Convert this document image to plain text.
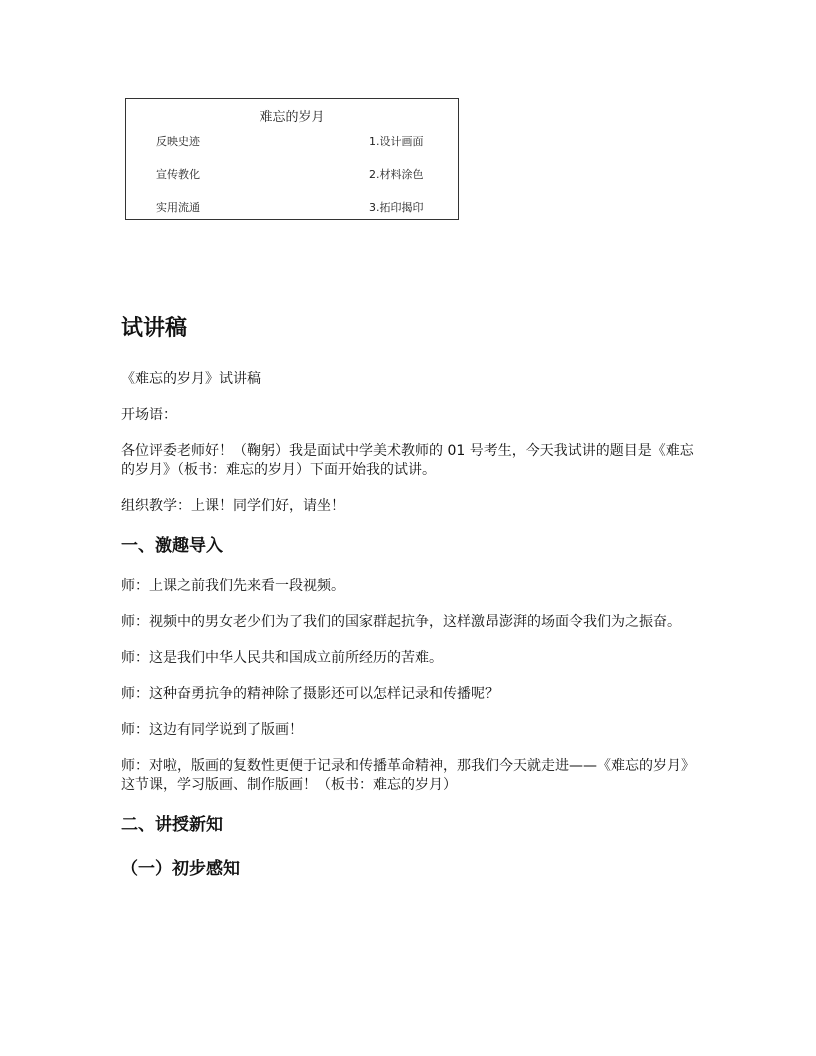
难忘的岁月
反映史迹	1.设计画面
宣传教化	2.材料涂色
实用流通	3.拓印揭印
试讲稿

《难忘的岁月》试讲稿

开场语：

各位评委老师好！（鞠躬）我是面试中学美术教师的 01 号考生，今天我试讲的题目是《难忘的岁月》（板书：难忘的岁月）下面开始我的试讲。

组织教学：上课！同学们好，请坐！

一、激趣导入

师：上课之前我们先来看一段视频。

师：视频中的男女老少们为了我们的国家群起抗争，这样激昂澎湃的场面令我们为之振奋。

师：这是我们中华人民共和国成立前所经历的苦难。

师：这种奋勇抗争的精神除了摄影还可以怎样记录和传播呢？

师：这边有同学说到了版画！

师：对啦，版画的复数性更便于记录和传播革命精神，那我们今天就走进——《难忘的岁月》这节课，学习版画、制作版画！（板书：难忘的岁月）

二、讲授新知
（一）初步感知
